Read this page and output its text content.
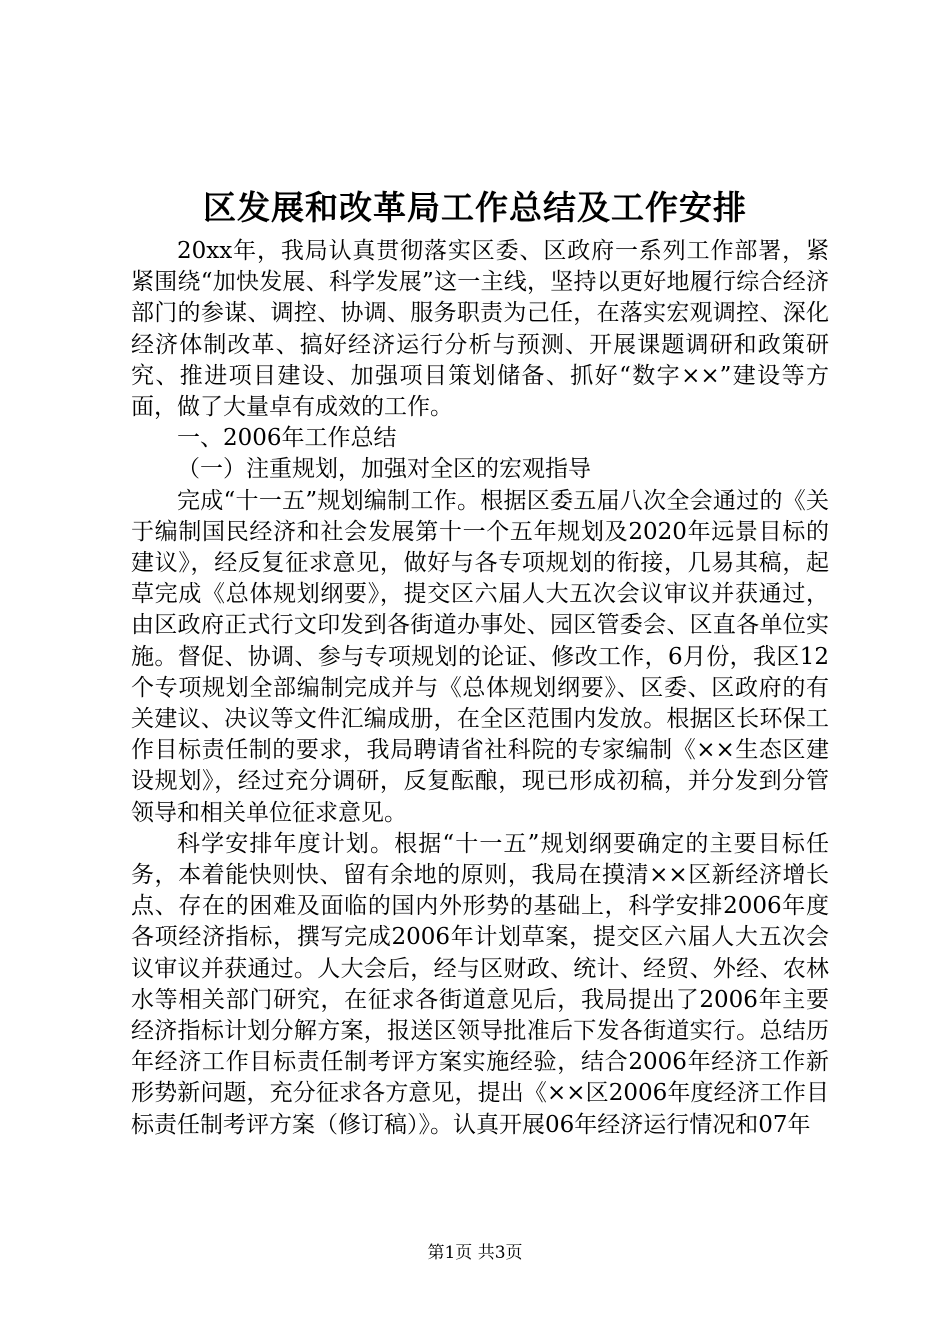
区发展和改革局工作总结及工作安排

20xx年，我局认真贯彻落实区委、区政府一系列工作部署，紧紧围绕“加快发展、科学发展”这一主线，坚持以更好地履行综合经济部门的参谋、调控、协调、服务职责为己任，在落实宏观调控、深化经济体制改革、搞好经济运行分析与预测、开展课题调研和政策研究、推进项目建设、加强项目策划储备、抓好“数字××”建设等方面，做了大量卓有成效的工作。

一、2006年工作总结

（一）注重规划，加强对全区的宏观指导

完成“十一五”规划编制工作。根据区委五届八次全会通过的《关于编制国民经济和社会发展第十一个五年规划及2020年远景目标的建议》，经反复征求意见，做好与各专项规划的衔接，几易其稿，起草完成《总体规划纲要》，提交区六届人大五次会议审议并获通过，由区政府正式行文印发到各街道办事处、园区管委会、区直各单位实施。督促、协调、参与专项规划的论证、修改工作，6月份，我区12个专项规划全部编制完成并与《总体规划纲要》、区委、区政府的有关建议、决议等文件汇编成册，在全区范围内发放。根据区长环保工作目标责任制的要求，我局聘请省社科院的专家编制《××生态区建设规划》，经过充分调研，反复酝酿，现已形成初稿，并分发到分管领导和相关单位征求意见。

科学安排年度计划。根据“十一五”规划纲要确定的主要目标任务，本着能快则快、留有余地的原则，我局在摸清××区新经济增长点、存在的困难及面临的国内外形势的基础上，科学安排2006年度各项经济指标，撰写完成2006年计划草案，提交区六届人大五次会议审议并获通过。人大会后，经与区财政、统计、经贸、外经、农林水等相关部门研究，在征求各街道意见后，我局提出了2006年主要经济指标计划分解方案，报送区领导批准后下发各街道实行。总结历年经济工作目标责任制考评方案实施经验，结合2006年经济工作新形势新问题，充分征求各方意见，提出《××区2006年度经济工作目标责任制考评方案（修订稿）》。认真开展06年经济运行情况和07年

第1页 共3页
